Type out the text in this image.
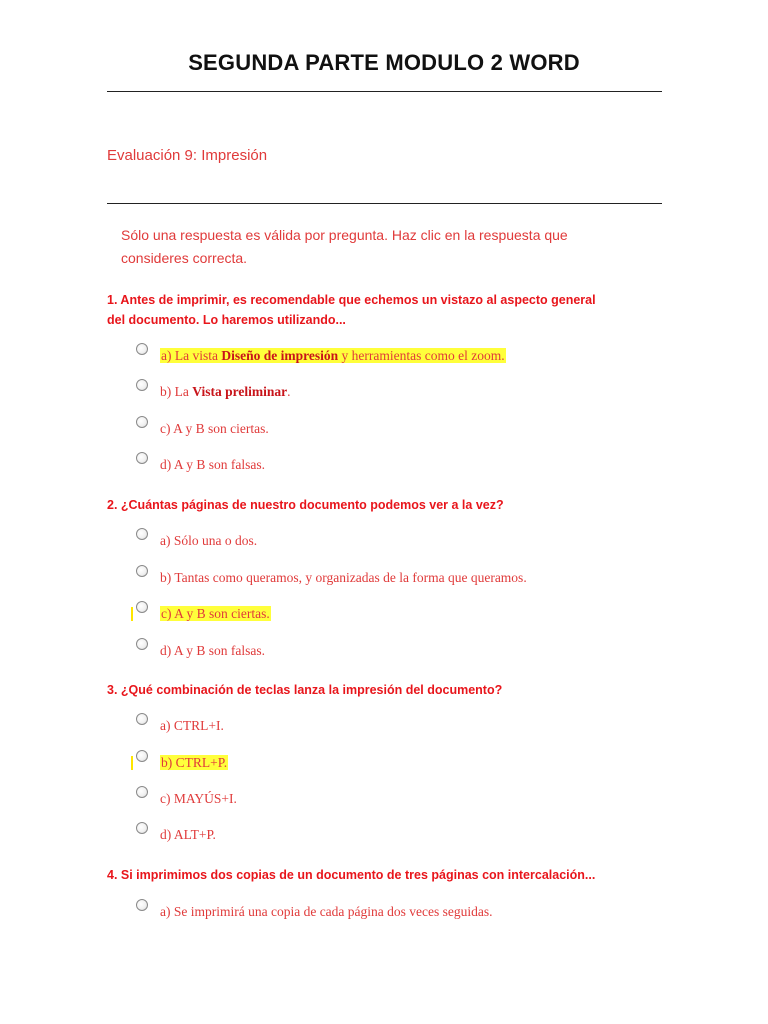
SEGUNDA PARTE MODULO 2 WORD
Evaluación 9: Impresión
Sólo una respuesta es válida por pregunta. Haz clic en la respuesta que consideres correcta.
1. Antes de imprimir, es recomendable que echemos un vistazo al aspecto general del documento. Lo haremos utilizando...
a) La vista Diseño de impresión y herramientas como el zoom.
b) La Vista preliminar.
c) A y B son ciertas.
d) A y B son falsas.
2. ¿Cuántas páginas de nuestro documento podemos ver a la vez?
a) Sólo una o dos.
b) Tantas como queramos, y organizadas de la forma que queramos.
c) A y B son ciertas.
d) A y B son falsas.
3. ¿Qué combinación de teclas lanza la impresión del documento?
a) CTRL+I.
b) CTRL+P.
c) MAYÚS+I.
d) ALT+P.
4. Si imprimimos dos copias de un documento de tres páginas con intercalación...
a) Se imprimirá una copia de cada página dos veces seguidas.
